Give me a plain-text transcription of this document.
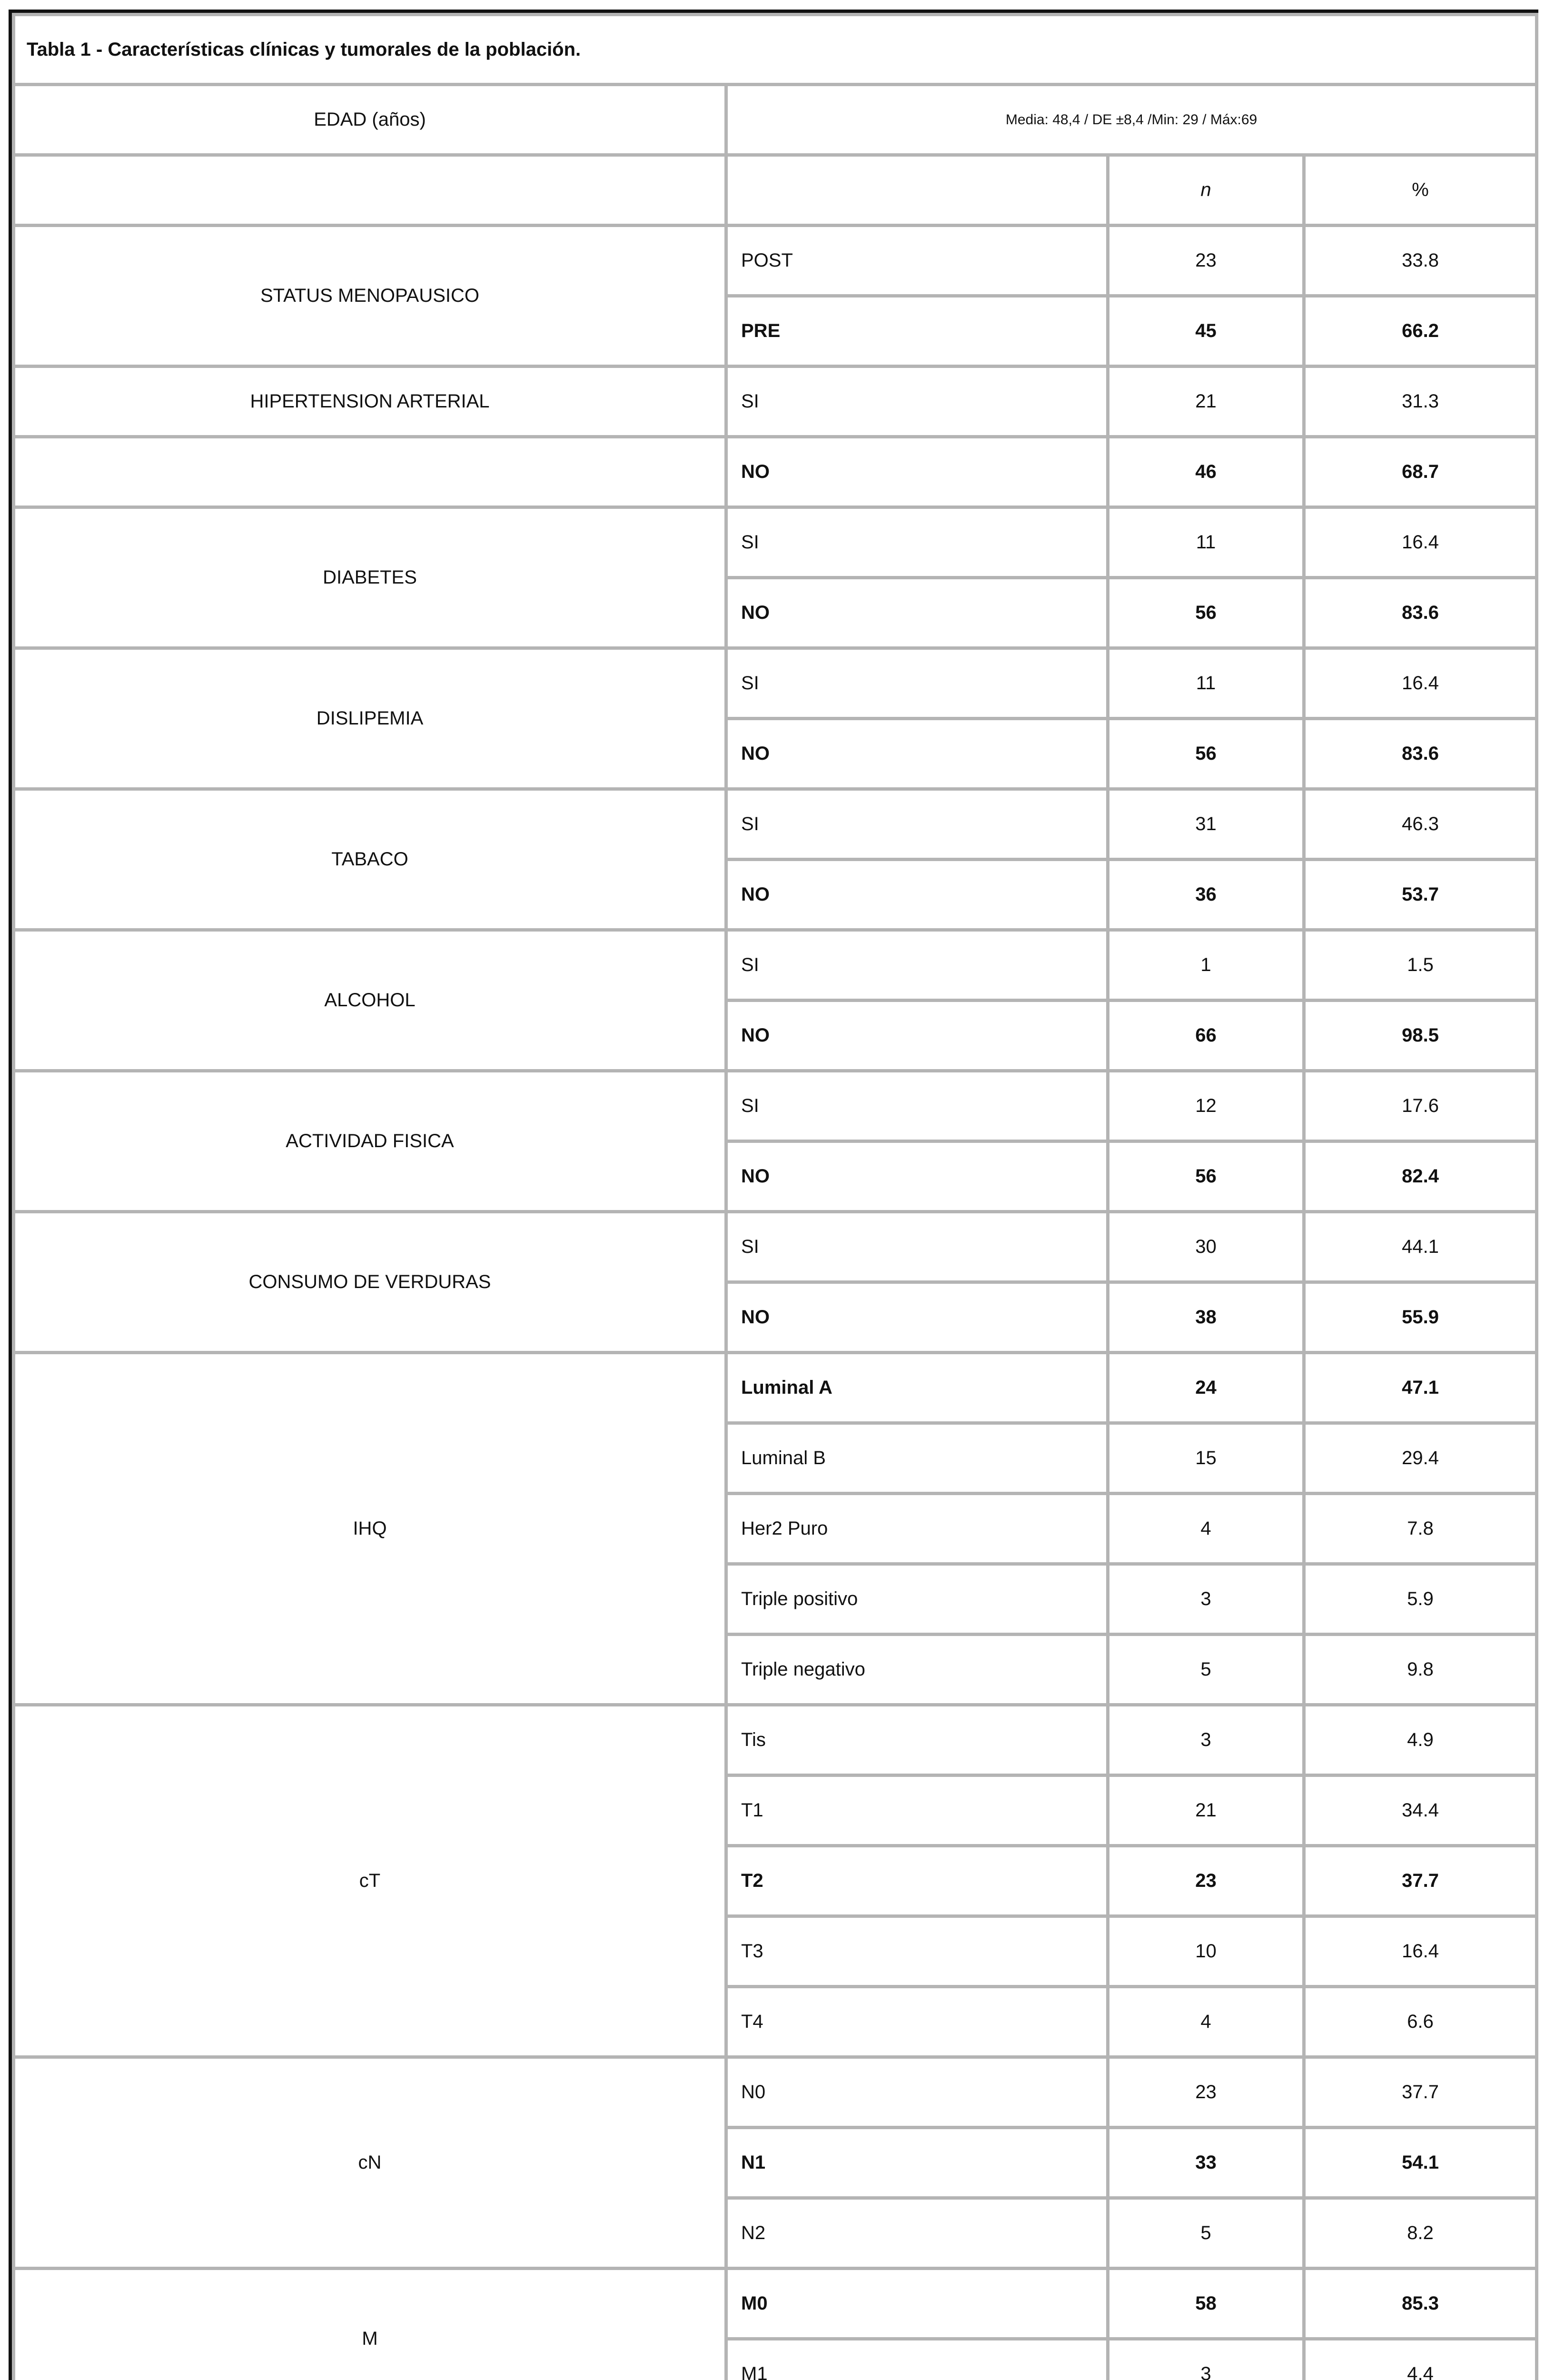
Tabla 1 - Características clínicas y tumorales de la población.			
EDAD (años)	Media: 48,4 / DE ±8,4 /Min: 29 / Máx:69		
		n	%
STATUS MENOPAUSICO	POST	23	33.8
	PRE	45	66.2
HIPERTENSION ARTERIAL	SI	21	31.3
	NO	46	68.7
DIABETES	SI	11	16.4
	NO	56	83.6
DISLIPEMIA	SI	11	16.4
	NO	56	83.6
TABACO	SI	31	46.3
	NO	36	53.7
ALCOHOL	SI	1	1.5
	NO	66	98.5
ACTIVIDAD FISICA	SI	12	17.6
	NO	56	82.4
CONSUMO DE VERDURAS	SI	30	44.1
	NO	38	55.9
IHQ	Luminal A	24	47.1
	Luminal B	15	29.4
	Her2 Puro	4	7.8
	Triple positivo	3	5.9
	Triple negativo	5	9.8
cT	Tis	3	4.9
	T1	21	34.4
	T2	23	37.7
	T3	10	16.4
	T4	4	6.6
cN	N0	23	37.7
	N1	33	54.1
	N2	5	8.2
M	M0	58	85.3
	M1	3	4.4
